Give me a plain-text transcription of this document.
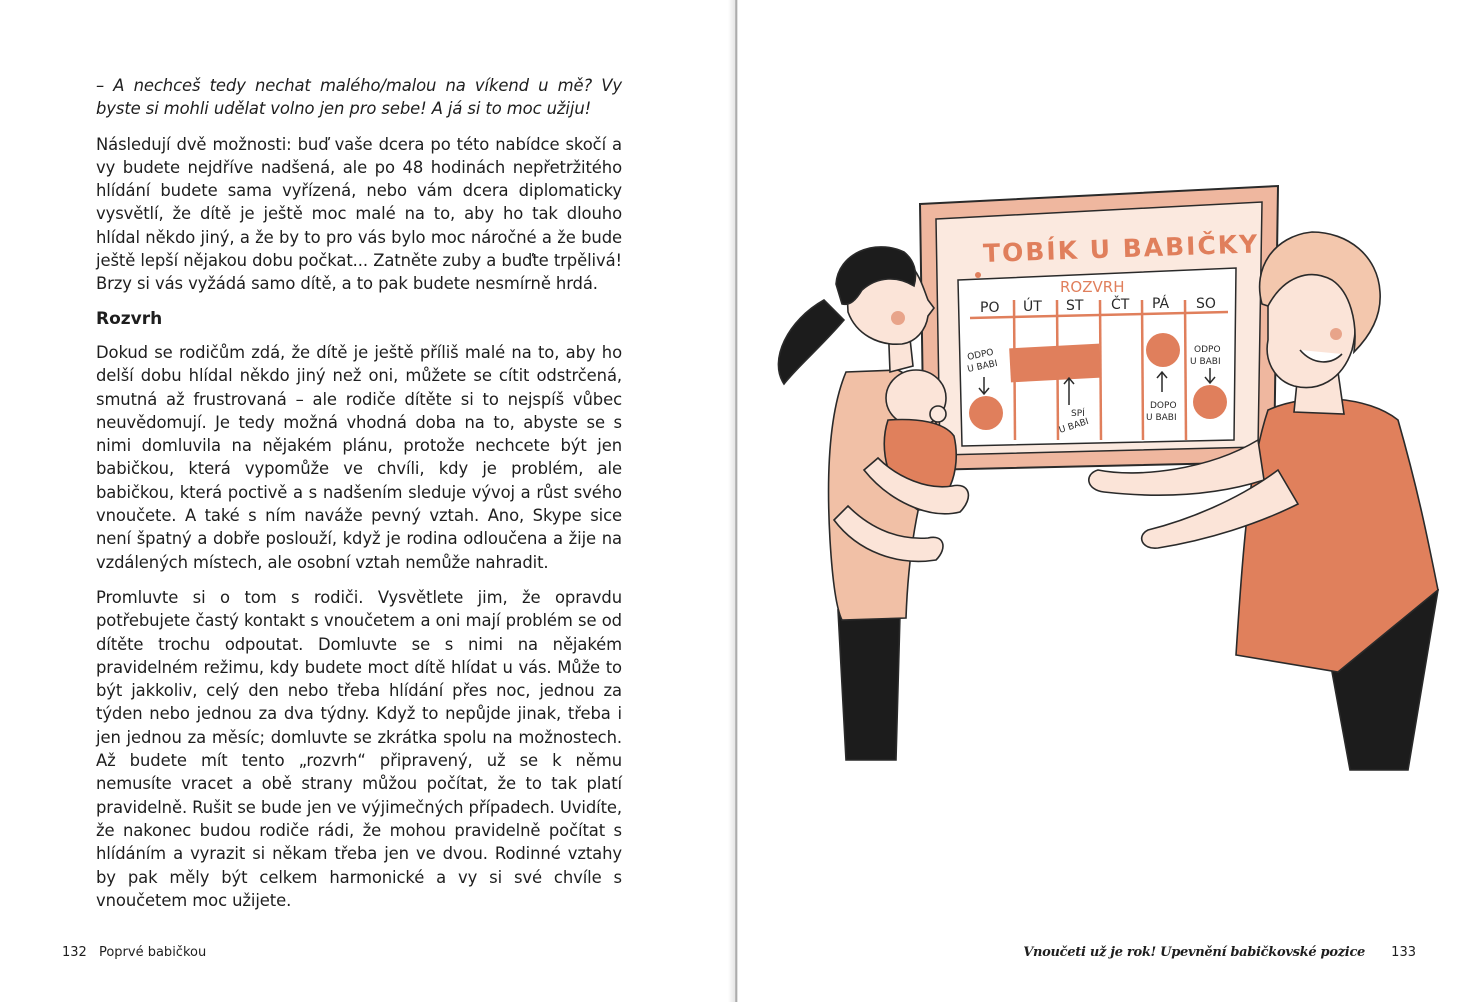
– A nechceš tedy nechat malého/malou na víkend u mě? Vy byste si mohli udělat volno jen pro sebe! A já si to moc užiju!

Následují dvě možnosti: buď vaše dcera po této nabídce skočí a vy budete nejdříve nadšená, ale po 48 hodinách nepřetržitého hlídání budete sama vyřízená, nebo vám dcera diplomaticky vysvětlí, že dítě je ještě moc malé na to, aby ho tak dlouho hlídal někdo jiný, a že by to pro vás bylo moc náročné a že bude ještě lepší nějakou dobu počkat... Zatněte zuby a buďte trpělivá! Brzy si vás vyžádá samo dítě, a to pak budete nesmírně hrdá.

Rozvrh

Dokud se rodičům zdá, že dítě je ještě příliš malé na to, aby ho delší dobu hlídal někdo jiný než oni, můžete se cítit odstrčená, smutná až frustrovaná – ale rodiče dítěte si to nejspíš vůbec neuvědomují. Je tedy možná vhodná doba na to, abyste se s nimi domluvila na nějakém plánu, protože nechcete být jen babičkou, která vypomůže ve chvíli, kdy je problém, ale babičkou, která poctivě a s nadšením sleduje vývoj a růst svého vnoučete. A také s ním naváže pevný vztah. Ano, Skype sice není špatný a dobře poslouží, když je rodina odloučena a žije na vzdálených místech, ale osobní vztah nemůže nahradit.

Promluvte si o tom s rodiči. Vysvětlete jim, že opravdu potřebujete častý kontakt s vnoučetem a oni mají problém se od dítěte trochu odpoutat. Domluvte se s nimi na nějakém pravidelném režimu, kdy budete moct dítě hlídat u vás. Může to být jakkoliv, celý den nebo třeba hlídání přes noc, jednou za týden nebo jednou za dva týdny. Když to nepůjde jinak, třeba i jen jednou za měsíc; domluvte se zkrátka spolu na možnostech. Až budete mít tento „rozvrh“ připravený, už se k němu nemusíte vracet a obě strany můžou počítat, že to tak platí pravidelně. Rušit se bude jen ve výjimečných případech. Uvidíte, že nakonec budou rodiče rádi, že mohou pravidelně počítat s hlídáním a vyrazit si někam třeba jen ve dvou. Rodinné vztahy by pak měly být celkem harmonické a vy si své chvíle s vnoučetem moc užijete.

132 Poprvé babičkou
TOBÍK U BABIČKY
ROZVRH
PO ÚT ST ČT PÁ SO
ODPO
U BABI
SPÍ
U BABI
DOPO
U BABI
ODPO
U BABI
Vnoučeti už je rok! Upevnění babičkovské pozice 133
